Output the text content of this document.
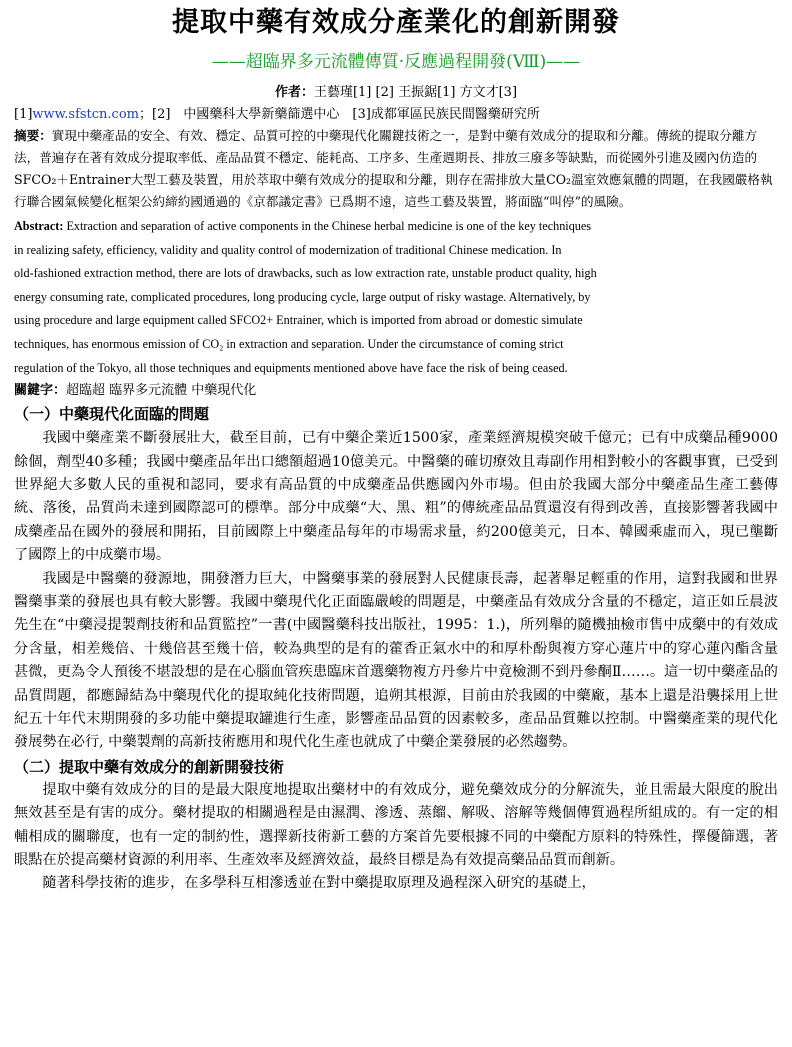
提取中藥有效成分產業化的創新開發

——超臨界多元流體傳質·反應過程開發(Ⅷ)——

作者：王藝瑾[1] [2] 王振鋸[1] 方文才[3]

[1]www.sfstcn.com；[2]　中國藥科大學新藥篩選中心　[3]成都軍區民族民間醫藥研究所

摘要：實現中藥產品的安全、有效、穩定、品質可控的中藥現代化關鍵技術之一，是對中藥有效成分的提取和分離。傳統的提取分離方法，普遍存在著有效成分提取率低、產品品質不穩定、能耗高、工序多、生產週期長、排放三廢多等缺點，而從國外引進及國內仿造的SFCO₂＋Entrainer大型工藝及裝置，用於萃取中藥有效成分的提取和分離，則存在需排放大量CO₂溫室效應氣體的問題，在我國嚴格執行聯合國氣候變化框架公約締約國通過的《京都議定書》已爲期不遠，這些工藝及裝置，將面臨“叫停”的風險。

Abstract: Extraction and separation of active components in the Chinese herbal medicine is one of the key techniques
in realizing safety, efficiency, validity and quality control of modernization of traditional Chinese medication. In
old-fashioned extraction method, there are lots of drawbacks, such as low extraction rate, unstable product quality, high
energy consuming rate, complicated procedures, long producing cycle, large output of risky wastage. Alternatively, by
using procedure and large equipment called SFCO2+ Entrainer, which is imported from abroad or domestic simulate
techniques, has enormous emission of CO₂ in extraction and separation. Under the circumstance of coming strict
regulation of the Tokyo, all those techniques and equipments mentioned above have face the risk of being ceased.

關鍵字：超臨超 臨界多元流體 中藥現代化

（一）中藥現代化面臨的問題

我國中藥產業不斷發展壯大，截至目前，已有中藥企業近1500家，產業經濟規模突破千億元；已有中成藥品種9000餘個，劑型40多種；我國中藥產品年出口總額超過10億美元。中醫藥的確切療效且毒副作用相對較小的客觀事實，已受到世界絕大多數人民的重視和認同，要求有高品質的中成藥產品供應國內外市場。但由於我國大部分中藥產品生產工藝傳統、落後，品質尚未達到國際認可的標準。部分中成藥“大、黑、粗”的傳統產品品質還沒有得到改善，直接影響著我國中成藥產品在國外的發展和開拓，目前國際上中藥產品每年的市場需求量，約200億美元，日本、韓國乘虛而入，現已壟斷了國際上的中成藥市場。

我國是中醫藥的發源地，開發潛力巨大，中醫藥事業的發展對人民健康長壽，起著舉足輕重的作用，這對我國和世界醫藥事業的發展也具有較大影響。我國中藥現代化正面臨嚴峻的問題是，中藥產品有效成分含量的不穩定，這正如丘晨波先生在“中藥浸提製劑技術和品質監控”一書(中國醫藥科技出版社，1995：1.)，所列舉的隨機抽檢市售中成藥中的有效成分含量，相差幾倍、十幾倍甚至幾十倍，較為典型的是有的藿香正氣水中的和厚朴酚與複方穿心蓮片中的穿心蓮內酯含量甚微，更為令人預後不堪設想的是在心腦血管疾患臨床首選藥物複方丹參片中竟檢測不到丹參酮Ⅱ……。這一切中藥產品的品質問題，都應歸結為中藥現代化的提取純化技術問題，追朔其根源，目前由於我國的中藥廠，基本上還是沿襲採用上世紀五十年代末期開發的多功能中藥提取罐進行生產，影響產品品質的因素較多，產品品質難以控制。中醫藥產業的現代化發展勢在必行, 中藥製劑的高新技術應用和現代化生產也就成了中藥企業發展的必然趨勢。

（二）提取中藥有效成分的創新開發技術

提取中藥有效成分的目的是最大限度地提取出藥材中的有效成分，避免藥效成分的分解流失，並且需最大限度的脫出無效甚至是有害的成分。藥材提取的相關過程是由濕潤、滲透、蒸餾、解吸、溶解等幾個傳質過程所組成的。有一定的相輔相成的關聯度，也有一定的制約性，選擇新技術新工藝的方案首先要根據不同的中藥配方原料的特殊性，擇優篩選，著眼點在於提高藥材資源的利用率、生產效率及經濟效益，最終目標是為有效提高藥品品質而創新。

隨著科學技術的進步，在多學科互相滲透並在對中藥提取原理及過程深入研究的基礎上，
